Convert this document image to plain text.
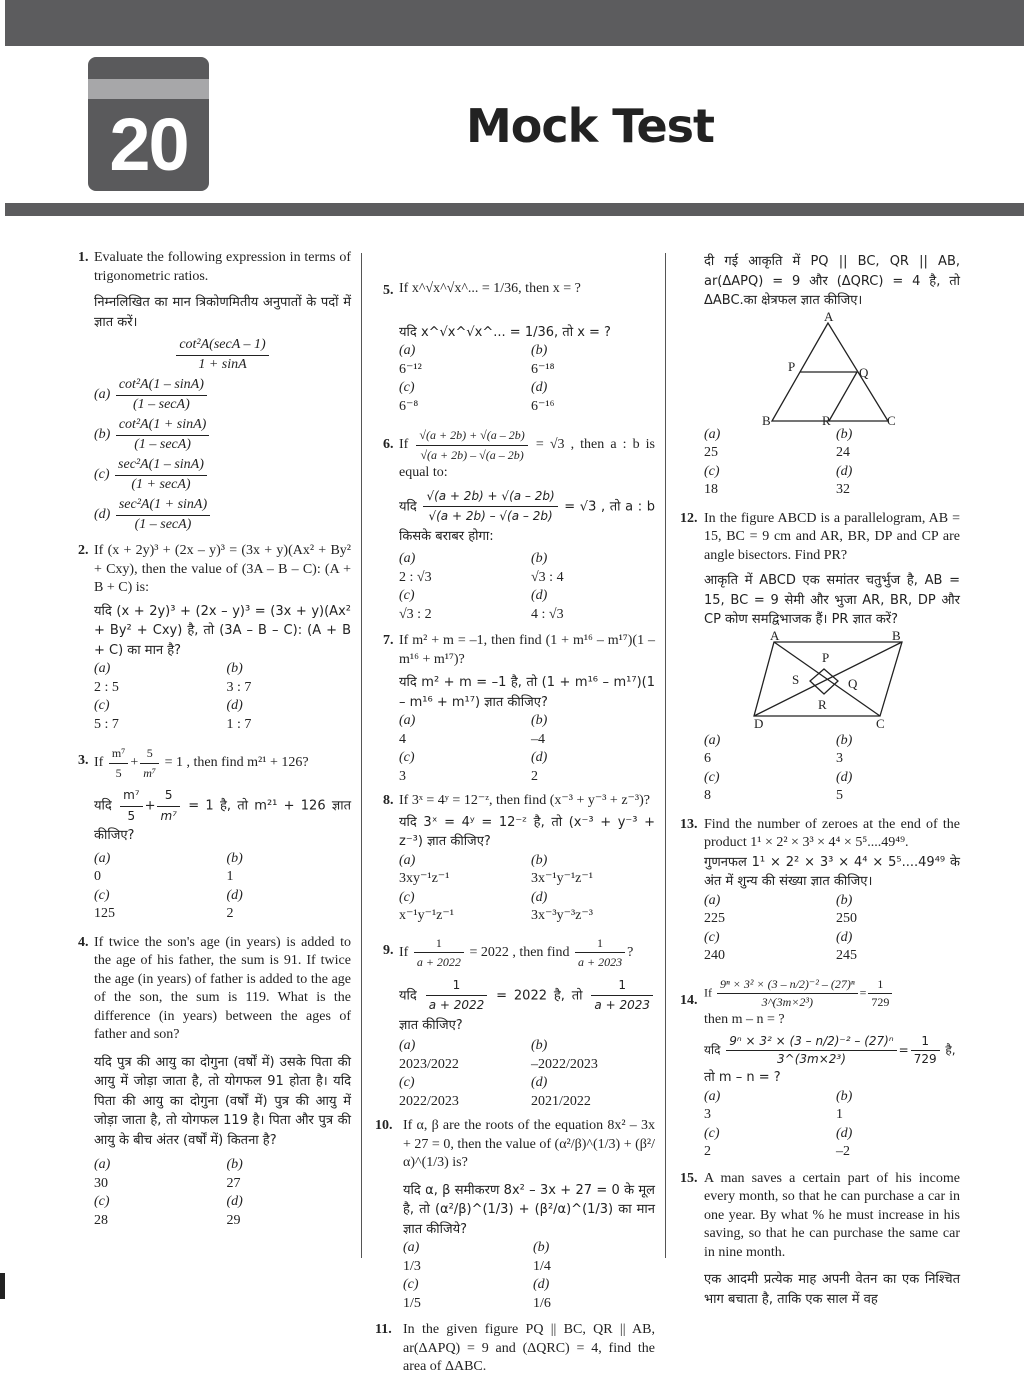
20	Mock Test
1. Evaluate the following expression in terms of trigonometric ratios.
निम्नलिखित का मान त्रिकोणमितीय अनुपातों के पदों में ज्ञात करें।
$\frac{\text{cot²A(secA – 1)}}{1 + \sin A}$
$(a) \frac{\text{cot²A(1 – sinA)}}{(1 - \sec A)}$
$(b) \frac{\text{cot²A(1 + sinA)}}{(1 - \sec A)}$
$(c) \frac{\text{sec²A(1 – sinA)}}{(1 + \sec A)}$
$(d) \frac{\text{sec²A(1 + sinA)}}{(1 - \sec A)}$
2. If (x + 2y)³ + (2x – y)³ = (3x + y)(Ax² + By² + Cxy), then the value of (3A – B – C): (A + B + C) is:
यदि (x + 2y)³ + (2x – y)³ = (3x + y)(Ax² + By² + Cxy) है, तो (3A – B – C): (A + B + C) का मान है?
(a)
2 : 5
(b)
3 : 7
(c)
5 : 7
(d)
1 : 7
3. If $\frac{\text{m⁷}}{5} + \frac{5}{\text{m⁷}} = 1$ , then find m²¹ + 126?
यदि $\frac{\text{m⁷}}{5} + \frac{5}{\text{m⁷}} = 1$ है, तो m²¹ + 126 ज्ञात कीजिए?
(a)
0
(b)
1
(c)
125
(d)
2
4. If twice the son's age (in years) is added to the age of his father, the sum is 91. If twice the age (in years) of father is added to the age of the son, the sum is 119. What is the difference (in years) between the ages of father and son?
यदि पुत्र की आयु का दोगुना (वर्षों में) उसके पिता की आयु में जोड़ा जाता है, तो योगफल 91 होता है। यदि पिता की आयु का दोगुना (वर्षों में) पुत्र की आयु में जोड़ा जाता है, तो योगफल 119 है। पिता और पुत्र की आयु के बीच अंतर (वर्षों में) कितना है?
(a)
30
(b)
27
(c)
28
(d)
29
5. If x^√x^√x^... = 1/36, then x = ?
यदि x^√x^√x^... = 1/36, तो x = ?
(a)
6⁻¹²
(b)
6⁻¹⁸
(c)
6⁻⁸
(d)
6⁻¹⁶
6. If $\frac{√(a + 2b) + √(a - 2b)}{√(a + 2b) - √(a - 2b)} = √3$ , then a : b is equal to:
यदि $\frac{√(a + 2b) + √(a - 2b)}{√(a + 2b) - √(a - 2b)} = √3$ , तो a : b किसके बराबर होगा:
(a)
2 : √3
(b)
√3 : 4
(c)
√3 : 2
(d)
4 : √3
7. If m² + m = –1, then find (1 + m¹⁶ – m¹⁷)(1 – m¹⁶ + m¹⁷)?
यदि m² + m = –1 है, तो (1 + m¹⁶ – m¹⁷)(1 – m¹⁶ + m¹⁷) ज्ञात कीजिए?
(a)
4
(b)
–4
(c)
3
(d)
2
8. If 3ˣ = 4ʸ = 12⁻ᶻ, then find (x⁻³ + y⁻³ + z⁻³)?
यदि 3ˣ = 4ʸ = 12⁻ᶻ है, तो (x⁻³ + y⁻³ + z⁻³) ज्ञात कीजिए?
(a)
3xy⁻¹z⁻¹
(b)
3x⁻¹y⁻¹z⁻¹
(c)
x⁻¹y⁻¹z⁻¹
(d)
3x⁻³y⁻³z⁻³
9. If $\frac{1}{a + 2022} = 2022$ , then find $\frac{1}{a + 2023}$ ?
यदि $\frac{1}{a + 2022} = 2022$ है, तो $\frac{1}{a + 2023}$
ज्ञात कीजिए?
(a)
2023/2022
(b)
–2022/2023
(c)
2022/2023
(d)
2021/2022
10. If α, β are the roots of the equation 8x² – 3x + 27 = 0, then the value of (α²/β)^(1/3) + (β²/α)^(1/3) is?
यदि α, β समीकरण 8x² – 3x + 27 = 0 के मूल है, तो (α²/β)^(1/3) + (β²/α)^(1/3) का मान ज्ञात कीजिये?
(a)
1/3
(b)
1/4
(c)
1/5
(d)
1/6
11. In the given figure PQ || BC, QR || AB, ar(ΔAPQ) = 9 and (ΔQRC) = 4, find the area of ΔABC.
दी गई आकृति में PQ || BC, QR || AB, ar(ΔAPQ) = 9 और (ΔQRC) = 4 है, तो ΔABC.का क्षेत्रफल ज्ञात कीजिए।
A
P	Q
B	R	C
(a)
25
(b)
24
(c)
18
(d)
32
12. In the figure ABCD is a parallelogram, AB = 15, BC = 9 cm and AR, BR, DP and CP are angle bisectors. Find PR?
आकृति में ABCD एक समांतर चतुर्भुज है, AB = 15, BC = 9 सेमी और भुजा AR, BR, DP और CP कोण समद्विभाजक हैं। PR ज्ञात करें?
A	B
P
S	Q
R
D	C
(a)
6
(b)
3
(c)
8
(d)
5
13. Find the number of zeroes at the end of the product 1¹ × 2² × 3³ × 4⁴ × 5⁵....49⁴⁹.
गुणनफल 1¹ × 2² × 3³ × 4⁴ × 5⁵....49⁴⁹ के अंत में शुन्य की संख्या ज्ञात कीजिए।
(a)
225
(b)
250
(c)
240
(d)
245
14.
If $\frac{\text{9ⁿ × 3² × (3 – n/2)⁻² – (27)ⁿ}}{\text{3\textasciicircum{}(3m×2³)}} = \frac{1}{729}$
then m – n = ?
यदि $\frac{\text{9ⁿ × 3² × (3 – n/2)⁻² – (27)ⁿ}}{\text{3\textasciicircum{}(3m×2³)}} = \frac{1}{729}$ है,
तो m – n = ?
(a)
3
(b)
1
(c)
2
(d)
–2
15. A man saves a certain part of his income every month, so that he can purchase a car in one year. By what % he must increase in his saving, so that he can purchase the same car in nine month.
एक आदमी प्रत्येक माह अपनी वेतन का एक निश्चित भाग बचाता है, ताकि एक साल में वह
